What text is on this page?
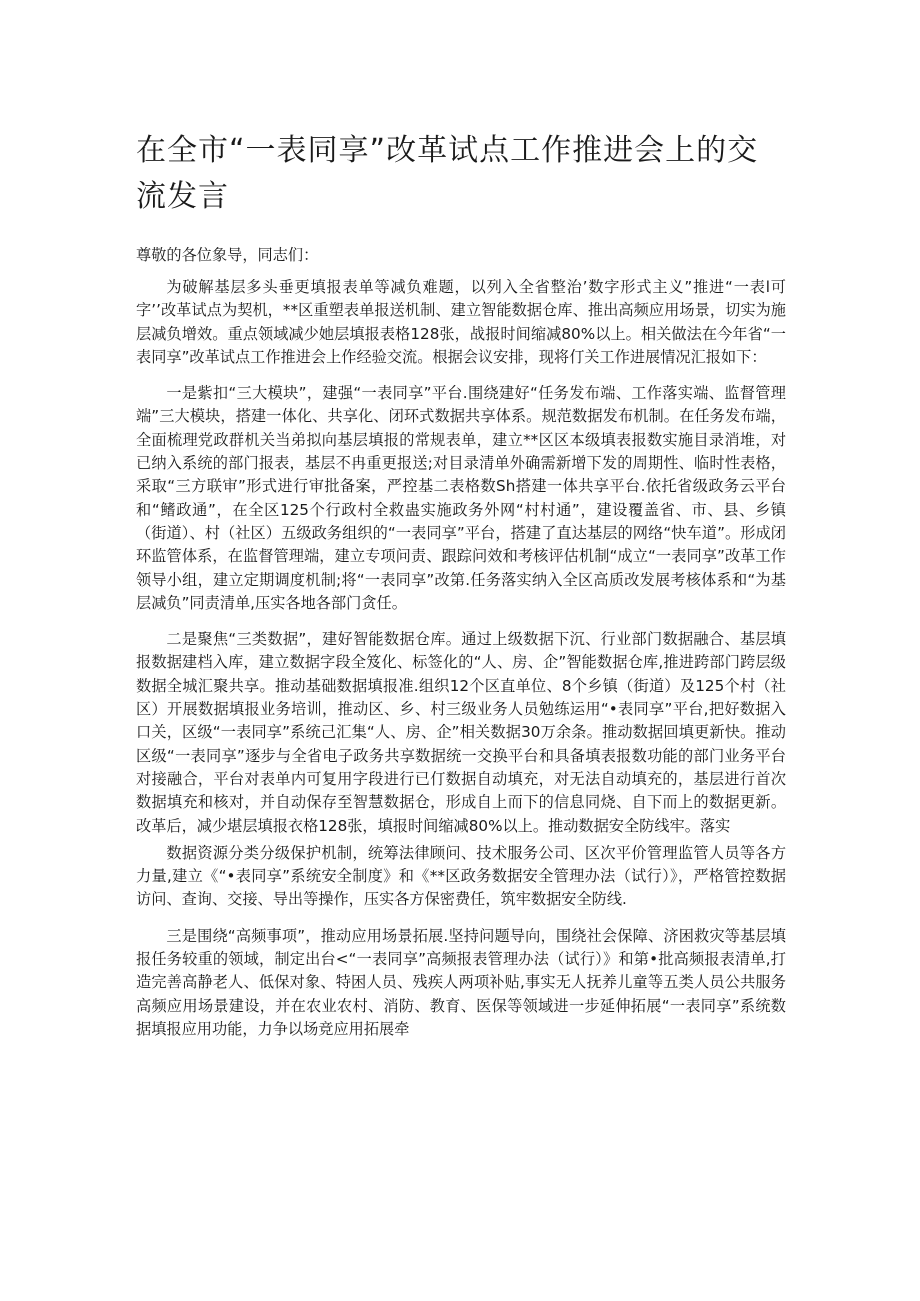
在全市“一表同享”改革试点工作推进会上的交流发言

尊敬的各位象导，同志们：

为破解基层多头垂更填报表单等减负难题，以列入全省整治’数字形式主义”推进“一表l可字’’改革试点为契机，**区重塑表单报送机制、建立智能数据仓库、推出高频应用场景，切实为施层减负增效。重点领域减少她层填报表格128张，战报时间缩减80%以上。相关做法在今年省“一表同享”改革试点工作推进会上作经验交流。根据会议安排，现将仃关工作进展情况汇报如下：

一是紫扣“三大模块”，建强“一表同享”平台.围绕建好“任务发布端、工作落实端、监督管理端”三大模块，搭建一体化、共享化、闭环式数据共享体系。规范数据发布机制。在任务发布端，全面梳理党政群机关当弟拟向基层填报的常规表单，建立**区区本级填表报数实施目录消堆，对已纳入系统的部门报表，基层不冉重更报送;对目录清单外确需新增下发的周期性、临时性表格，采取“三方联审”形式进行审批备案，严控基二表格数Sh搭建一体共享平台.依托省级政务云平台和“鳍政通”，在全区125个行政村全救蛊实施政务外网“村村通”，建设覆盖省、市、县、乡镇（街道）、村（社区）五级政务组织的“一表同享”平台，搭建了直达基层的网络“快车道”。形成闭环监管体系，在监督管理端，建立专项问责、跟踪问效和考核评估机制“成立“一表同享”改革工作领导小组，建立定期调度机制;将“一表同享”改第.任务落实纳入全区高质改发展考核体系和“为基层减负”同责清单,压实各地各部门贪任。

二是聚焦“三类数据”，建好智能数据仓库。通过上级数据下沉、行业部门数据融合、基层填报数据建档入库，建立数据字段全笈化、标签化的“人、房、企”智能数据仓库,推进跨部门跨层级数据全城汇聚共享。推动基础数据填报准.组织12个区直单位、8个乡镇（街道）及125个村（社区）开展数据填报业务培训，推动区、乡、村三级业务人员勉练运用“•表同享”平台,把好数据入口关，区级“一表同享”系统己汇集“人、房、企”相关数据30万余条。推动数据回填更新快。推动区级“一表同享”逐步与全省电子政务共享数据统一交换平台和具备填表报数功能的部门业务平台对接融合，平台对表单内可复用字段进行已仃数据自动填充，对无法自动填充的，基层进行首次数据填充和核对，并自动保存至智慧数据仓，形成自上而下的信息同烧、自下而上的数据更新。改革后，减少堪层填报衣格128张，填报时间缩减80%以上。推动数据安全防线牢。落实

数据资源分类分级保护机制，统筹法律顾问、技术服务公司、区次平价管理监管人员等各方力量,建立《“•表同享”系统安全制度》和《**区政务数据安全管理办法（试行）》，严格管控数据访问、查询、交接、导出等操作，压实各方保密费任，筑牢数据安全防线.

三是围绕“高频事项”，推动应用场景拓展.坚持问题导向，围绕社会保障、济困救灾等基层填报任务较重的领域，制定出台<“一表同享”高频报表管理办法（试行）》和第•批高频报表清单,打造完善高静老人、低保对象、特困人员、残疾人两项补贴,事实无人抚养儿童等五类人员公共服务高频应用场景建设，并在农业农村、消防、教育、医保等领域进一步延伸拓展“一表同享”系统数据填报应用功能，力争以场竞应用拓展牵
